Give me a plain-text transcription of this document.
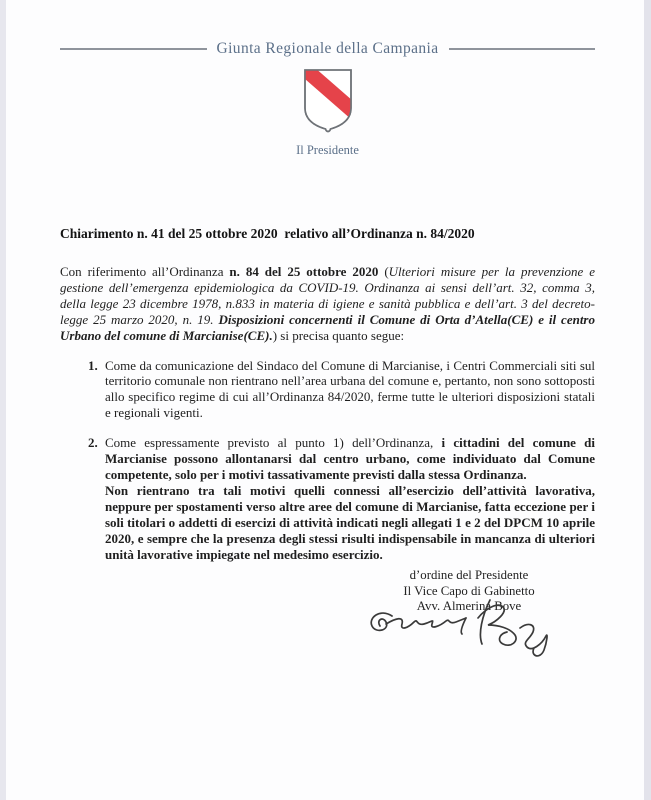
Giunta Regionale della Campania
Il Presidente
Chiarimento n. 41 del 25 ottobre 2020  relativo all’Ordinanza n. 84/2020

Con riferimento all’Ordinanza n. 84 del 25 ottobre 2020 (Ulteriori misure per la prevenzione e gestione dell’emergenza epidemiologica da COVID-19. Ordinanza ai sensi dell’art. 32, comma 3, della legge 23 dicembre 1978, n.833 in materia di igiene e sanità pubblica e dell’art. 3 del decreto-legge 25 marzo 2020, n. 19. Disposizioni concernenti il Comune di Orta d’Atella(CE) e il centro Urbano del comune di Marcianise(CE).) si precisa quanto segue:

1. Come da comunicazione del Sindaco del Comune di Marcianise, i Centri Commerciali siti sul territorio comunale non rientrano nell’area urbana del comune e, pertanto, non sono sottoposti allo specifico regime di cui all’Ordinanza 84/2020, ferme tutte le ulteriori disposizioni statali e regionali vigenti.
2. Come espressamente previsto al punto 1) dell’Ordinanza, i cittadini del comune di Marcianise possono allontanarsi dal centro urbano, come individuato dal Comune competente, solo per i motivi tassativamente previsti dalla stessa Ordinanza.
Non rientrano tra tali motivi quelli connessi all’esercizio dell’attività lavorativa, neppure per spostamenti verso altre aree del comune di Marcianise, fatta eccezione per i soli titolari o addetti di esercizi di attività indicati negli allegati 1 e 2 del DPCM 10 aprile 2020, e sempre che la presenza degli stessi risulti indispensabile in mancanza di ulteriori unità lavorative impiegate nel medesimo esercizio.
d’ordine del Presidente
Il Vice Capo di Gabinetto
Avv. Almerina Bove
